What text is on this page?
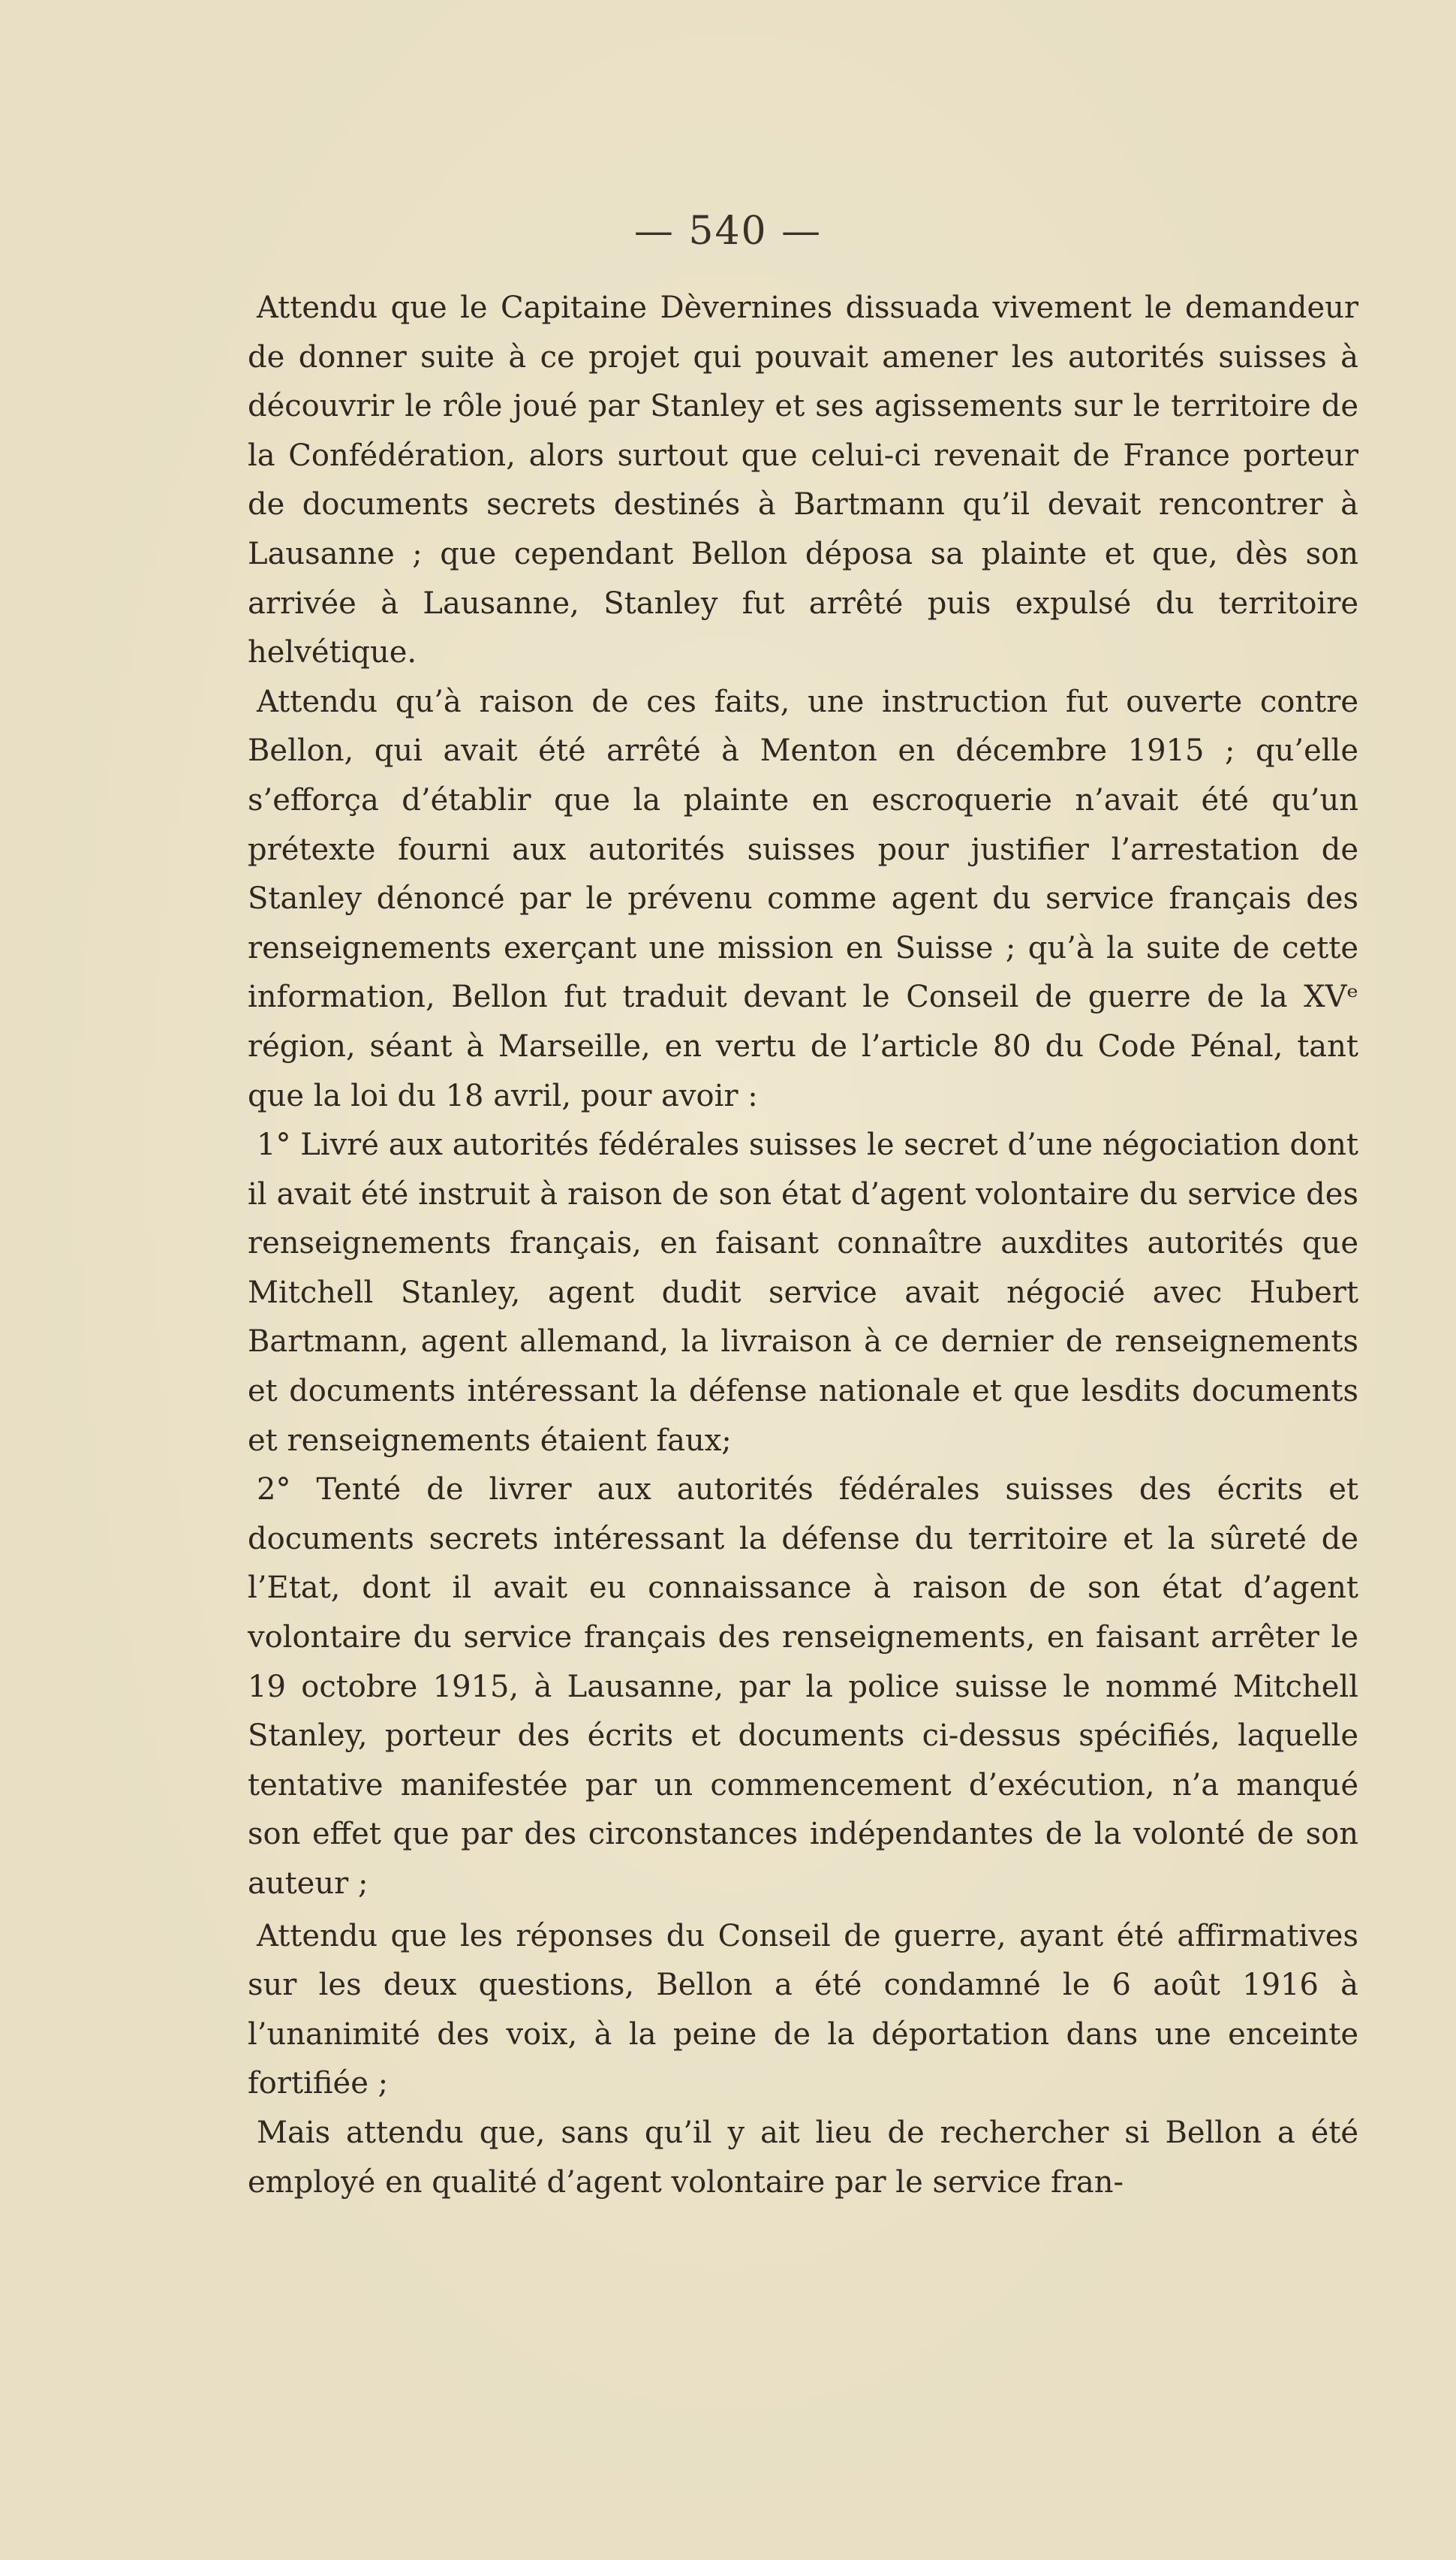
— 540 —

Attendu que le Capitaine Dèvernines dissuada vivement le demandeur de donner suite à ce projet qui pouvait amener les autorités suisses à découvrir le rôle joué par Stanley et ses agissements sur le territoire de la Confédération, alors surtout que celui-ci revenait de France porteur de documents secrets destinés à Bartmann qu’il devait rencontrer à Lausanne ; que cependant Bellon déposa sa plainte et que, dès son arrivée à Lausanne, Stanley fut arrêté puis expulsé du territoire helvétique.

Attendu qu’à raison de ces faits, une instruction fut ouverte contre Bellon, qui avait été arrêté à Menton en décembre 1915 ; qu’elle s’efforça d’établir que la plainte en escroquerie n’avait été qu’un prétexte fourni aux autorités suisses pour justifier l’arrestation de Stanley dénoncé par le prévenu comme agent du service français des renseignements exerçant une mission en Suisse ; qu’à la suite de cette information, Bellon fut traduit devant le Conseil de guerre de la XVᵉ région, séant à Marseille, en vertu de l’article 80 du Code Pénal, tant que la loi du 18 avril, pour avoir :

1° Livré aux autorités fédérales suisses le secret d’une négociation dont il avait été instruit à raison de son état d’agent volontaire du service des renseignements français, en faisant connaître auxdites autorités que Mitchell Stanley, agent dudit service avait négocié avec Hubert Bartmann, agent allemand, la livraison à ce dernier de renseignements et documents intéressant la défense nationale et que lesdits documents et renseignements étaient faux;

2° Tenté de livrer aux autorités fédérales suisses des écrits et documents secrets intéressant la défense du territoire et la sûreté de l’Etat, dont il avait eu connaissance à raison de son état d’agent volontaire du service français des renseignements, en faisant arrêter le 19 octobre 1915, à Lausanne, par la police suisse le nommé Mitchell Stanley, porteur des écrits et documents ci-dessus spécifiés, laquelle tentative manifestée par un commencement d’exécution, n’a manqué son effet que par des circonstances indépendantes de la volonté de son auteur ;

Attendu que les réponses du Conseil de guerre, ayant été affirmatives sur les deux questions, Bellon a été condamné le 6 août 1916 à l’unanimité des voix, à la peine de la déportation dans une enceinte fortifiée ;

Mais attendu que, sans qu’il y ait lieu de rechercher si Bellon a été employé en qualité d’agent volontaire par le service fran-
